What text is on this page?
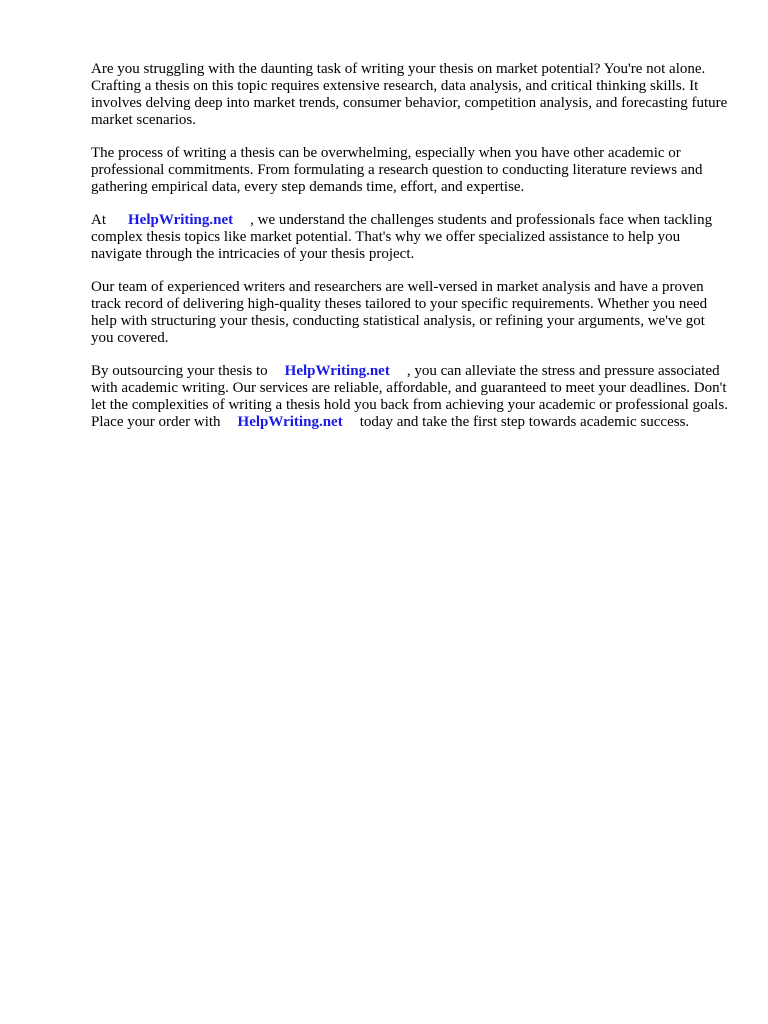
Are you struggling with the daunting task of writing your thesis on market potential? You're not alone. Crafting a thesis on this topic requires extensive research, data analysis, and critical thinking skills. It involves delving deep into market trends, consumer behavior, competition analysis, and forecasting future market scenarios.

The process of writing a thesis can be overwhelming, especially when you have other academic or professional commitments. From formulating a research question to conducting literature reviews and gathering empirical data, every step demands time, effort, and expertise.

At HelpWriting.net , we understand the challenges students and professionals face when tackling complex thesis topics like market potential. That's why we offer specialized assistance to help you navigate through the intricacies of your thesis project.

Our team of experienced writers and researchers are well-versed in market analysis and have a proven track record of delivering high-quality theses tailored to your specific requirements. Whether you need help with structuring your thesis, conducting statistical analysis, or refining your arguments, we've got you covered.

By outsourcing your thesis to HelpWriting.net , you can alleviate the stress and pressure associated with academic writing. Our services are reliable, affordable, and guaranteed to meet your deadlines. Don't let the complexities of writing a thesis hold you back from achieving your academic or professional goals. Place your order with HelpWriting.net today and take the first step towards academic success.
